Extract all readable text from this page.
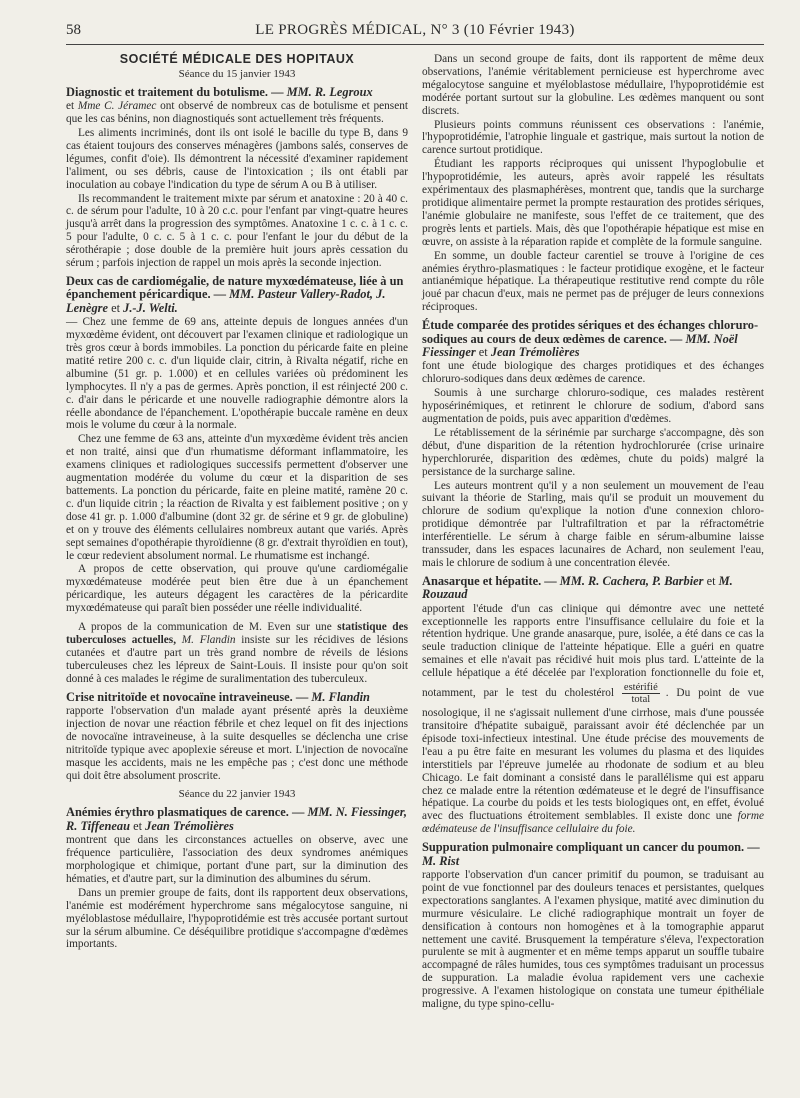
58	LE PROGRÈS MÉDICAL, N° 3 (10 Février 1943)
SOCIÉTÉ MÉDICALE DES HOPITAUX
Séance du 15 janvier 1943
Diagnostic et traitement du botulisme. — MM. R. Legroux

et Mme C. Jéramec ont observé de nombreux cas de botulisme et pensent que les cas bénins, non diagnostiqués sont actuellement très fréquents.

Les aliments incriminés, dont ils ont isolé le bacille du type B, dans 9 cas étaient toujours des conserves ménagères (jambons salés, conserves de légumes, confit d'oie). Ils démontrent la nécessité d'examiner rapidement l'aliment, ou ses débris, cause de l'intoxication ; ils ont établi par inoculation au cobaye l'indication du type de sérum A ou B à utiliser.

Ils recommandent le traitement mixte par sérum et anatoxine : 20 à 40 c. c. de sérum pour l'adulte, 10 à 20 c.c. pour l'enfant par vingt-quatre heures jusqu'à arrêt dans la progression des symptômes. Anatoxine 1 c. c. à 1 c. c. 5 pour l'adulte, 0 c. c. 5 à 1 c. c. pour l'enfant le jour du début de la sérothérapie ; dose double de la première huit jours après cessation du sérum ; parfois injection de rappel un mois après la seconde injection.

Deux cas de cardiomégalie, de nature myxœdémateuse, liée à un épanchement péricardique. — MM. Pasteur Vallery-Radot, J. Lenègre et J.-J. Welti.

— Chez une femme de 69 ans, atteinte depuis de longues années d'un myxœdème évident, ont découvert par l'examen clinique et radiologique un très gros cœur à bords immobiles. La ponction du péricarde faite en pleine matité retire 200 c. c. d'un liquide clair, citrin, à Rivalta négatif, riche en albumine (51 gr. p. 1.000) et en cellules variées où prédominent les lymphocytes. Il n'y a pas de germes. Après ponction, il est réinjecté 200 c. c. d'air dans le péricarde et une nouvelle radiographie démontre alors la réelle abondance de l'épanchement. L'opothérapie buccale ramène en deux mois le volume du cœur à la normale.

Chez une femme de 63 ans, atteinte d'un myxœdème évident très ancien et non traité, ainsi que d'un rhumatisme déformant inflammatoire, les examens cliniques et radiologiques successifs permettent d'observer une augmentation modérée du volume du cœur et la disparition de ses battements. La ponction du péricarde, faite en pleine matité, ramène 20 c. c. d'un liquide citrin ; la réaction de Rivalta y est faiblement positive ; on y dose 41 gr. p. 1.000 d'albumine (dont 32 gr. de sérine et 9 gr. de globuline) et on y trouve des éléments cellulaires nombreux autant que variés. Après sept semaines d'opothérapie thyroïdienne (8 gr. d'extrait thyroïdien en tout), le cœur redevient absolument normal. Le rhumatisme est inchangé.

A propos de cette observation, qui prouve qu'une cardiomégalie myxœdémateuse modérée peut bien être due à un épanchement péricardique, les auteurs dégagent les caractères de la péricardite myxœdémateuse qui paraît bien posséder une réelle individualité.

A propos de la communication de M. Even sur une statistique des tuberculoses actuelles, M. Flandin insiste sur les récidives de lésions cutanées et d'autre part un très grand nombre de réveils de lésions tuberculeuses chez les lépreux de Saint-Louis. Il insiste pour qu'on soit donné à ces malades le régime de suralimentation des tuberculeux.

Crise nitritoïde et novocaïne intraveineuse. — M. Flandin

rapporte l'observation d'un malade ayant présenté après la deuxième injection de novar une réaction fébrile et chez lequel on fit des injections de novocaïne intraveineuse, à la suite desquelles se déclencha une crise nitritoïde typique avec apoplexie séreuse et mort. L'injection de novocaïne masque les accidents, mais ne les empêche pas ; c'est donc une méthode qui doit être absolument proscrite.

Séance du 22 janvier 1943
Anémies érythro plasmatiques de carence. — MM. N. Fiessinger, R. Tiffeneau et Jean Trémolières

montrent que dans les circonstances actuelles on observe, avec une fréquence particulière, l'association des deux syndromes anémiques morphologique et chimique, portant d'une part, sur la diminution des hématies, et d'autre part, sur la diminution des albumines du sérum.

Dans un premier groupe de faits, dont ils rapportent deux observations, l'anémie est modérément hyperchrome sans mégalocytose sanguine, ni myéloblastose médullaire, l'hypoprotidémie est très accusée portant surtout sur la sérum albumine. Ce déséquilibre protidique s'accompagne d'œdèmes importants.

Dans un second groupe de faits, dont ils rapportent de même deux observations, l'anémie véritablement pernicieuse est hyperchrome avec mégalocytose sanguine et myéloblastose médullaire, l'hypoprotidémie est modérée portant surtout sur la globuline. Les œdèmes manquent ou sont discrets.

Plusieurs points communs réunissent ces observations : l'anémie, l'hypoprotidémie, l'atrophie linguale et gastrique, mais surtout la notion de carence surtout protidique.

Étudiant les rapports réciproques qui unissent l'hypoglobulie et l'hypoprotidémie, les auteurs, après avoir rappelé les résultats expérimentaux des plasmaphérèses, montrent que, tandis que la surcharge protidique alimentaire permet la prompte restauration des protides sériques, l'anémie globulaire ne manifeste, sous l'effet de ce traitement, que des progrès lents et partiels. Mais, dès que l'opothérapie hépatique est mise en œuvre, on assiste à la réparation rapide et complète de la formule sanguine.

En somme, un double facteur carentiel se trouve à l'origine de ces anémies érythro-plasmatiques : le facteur protidique exogène, et le facteur antianémique hépatique. La thérapeutique restitutive rend compte du rôle joué par chacun d'eux, mais ne permet pas de préjuger de leurs connexions réciproques.

Étude comparée des protides sériques et des échanges chloruro-sodiques au cours de deux œdèmes de carence. — MM. Noël Fiessinger et Jean Trémolières

font une étude biologique des charges protidiques et des échanges chloruro-sodiques dans deux œdèmes de carence.

Soumis à une surcharge chloruro-sodique, ces malades restèrent hyposérinémiques, et retinrent le chlorure de sodium, d'abord sans augmentation de poids, puis avec apparition d'œdèmes.

Le rétablissement de la sérinémie par surcharge s'accompagne, dès son début, d'une disparition de la rétention hydrochlorurée (crise urinaire hyperchlorurée, disparition des œdèmes, chute du poids) malgré la persistance de la surcharge saline.

Les auteurs montrent qu'il y a non seulement un mouvement de l'eau suivant la théorie de Starling, mais qu'il se produit un mouvement du chlorure de sodium qu'explique la notion d'une connexion chloro-protidique démontrée par l'ultrafiltration et par la réfractométrie interférentielle. Le sérum à charge faible en sérum-albumine laisse transsuder, dans les espaces lacunaires de Achard, non seulement l'eau, mais le chlorure de sodium à une concentration élevée.

Anasarque et hépatite. — MM. R. Cachera, P. Barbier et M. Rouzaud

apportent l'étude d'un cas clinique qui démontre avec une netteté exceptionnelle les rapports entre l'insuffisance cellulaire du foie et la rétention hydrique. Une grande anasarque, pure, isolée, a été dans ce cas la seule traduction clinique de l'atteinte hépatique. Elle a guéri en quatre semaines et elle n'avait pas récidivé huit mois plus tard. L'atteinte de la cellule hépatique a été décelée par l'exploration fonctionnelle du foie et, notamment, par le test du cholestérol $\frac{\text{estérifié}}{\text{total}}$ . Du point de vue nosologique, il ne s'agissait nullement d'une cirrhose, mais d'une poussée transitoire d'hépatite subaiguë, paraissant avoir été déclenchée par un épisode toxi-infectieux intestinal. Une étude précise des mouvements de l'eau a pu être faite en mesurant les volumes du plasma et des liquides interstitiels par l'épreuve jumelée au rhodonate de sodium et au bleu Chicago. Le fait dominant a consisté dans le parallélisme qui est apparu chez ce malade entre la rétention œdémateuse et le degré de l'insuffisance hépatique. La courbe du poids et les tests biologiques ont, en effet, évolué avec des fluctuations étroitement semblables. Il existe donc une forme œdémateuse de l'insuffisance cellulaire du foie.

Suppuration pulmonaire compliquant un cancer du poumon. — M. Rist

rapporte l'observation d'un cancer primitif du poumon, se traduisant au point de vue fonctionnel par des douleurs tenaces et persistantes, quelques expectorations sanglantes. A l'examen physique, matité avec diminution du murmure vésiculaire. Le cliché radiographique montrait un foyer de densification à contours non homogènes et à la tomographie apparut nettement une cavité. Brusquement la température s'éleva, l'expectoration purulente se mit à augmenter et en même temps apparut un souffle tubaire accompagné de râles humides, tous ces symptômes traduisant un processus de suppuration. La maladie évolua rapidement vers une cachexie progressive. A l'examen histologique on constata une tumeur épithéliale maligne, du type spino-cellu-
